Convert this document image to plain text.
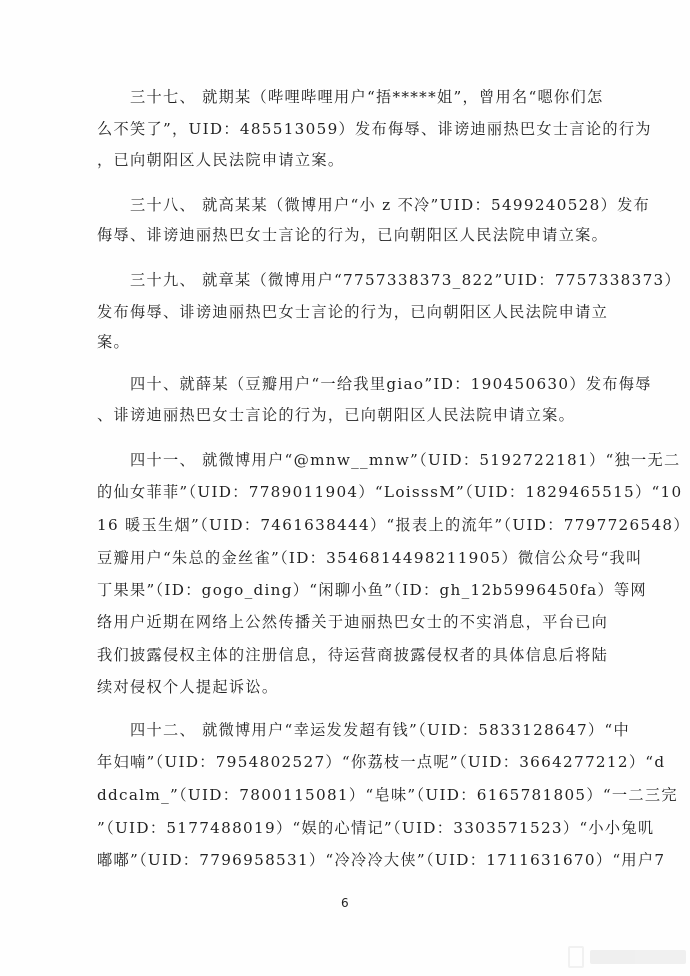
三十七、 就期某（哔哩哔哩用户“捂*****姐”，曾用名“嗯你们怎
么不笑了”，UID：485513059）发布侮辱、诽谤迪丽热巴女士言论的行为
，已向朝阳区人民法院申请立案。
三十八、 就高某某（微博用户“小 z 不冷”UID：5499240528）发布
侮辱、诽谤迪丽热巴女士言论的行为，已向朝阳区人民法院申请立案。
三十九、 就章某（微博用户“7757338373_822”UID：7757338373）
发布侮辱、诽谤迪丽热巴女士言论的行为，已向朝阳区人民法院申请立
案。
四十、就薛某（豆瓣用户“一给我里giao”ID：190450630）发布侮辱
、诽谤迪丽热巴女士言论的行为，已向朝阳区人民法院申请立案。
四十一、 就微博用户“@mnw__mnw”（UID：5192722181）“独一无二
的仙女菲菲”（UID：7789011904）“LoisssM”（UID：1829465515）“10
16 暖玉生烟”（UID：7461638444）“报表上的流年”（UID：7797726548）
豆瓣用户“朱总的金丝雀”（ID：3546814498211905）微信公众号“我叫
丁果果”（ID：gogo_ding）“闲聊小鱼”（ID：gh_12b5996450fa）等网
络用户近期在网络上公然传播关于迪丽热巴女士的不实消息，平台已向
我们披露侵权主体的注册信息，待运营商披露侵权者的具体信息后将陆
续对侵权个人提起诉讼。
四十二、 就微博用户“幸运发发超有钱”（UID：5833128647）“中
年妇喃”（UID：7954802527）“你荔枝一点呢”（UID：3664277212）“d
ddcalm_”（UID：7800115081）“皂味”（UID：6165781805）“一二三完
”（UID：5177488019）“娱的心情记”（UID：3303571523）“小小兔叽
嘟嘟”（UID：7796958531）“冷冷冷大侠”（UID：1711631670）“用户7
6
